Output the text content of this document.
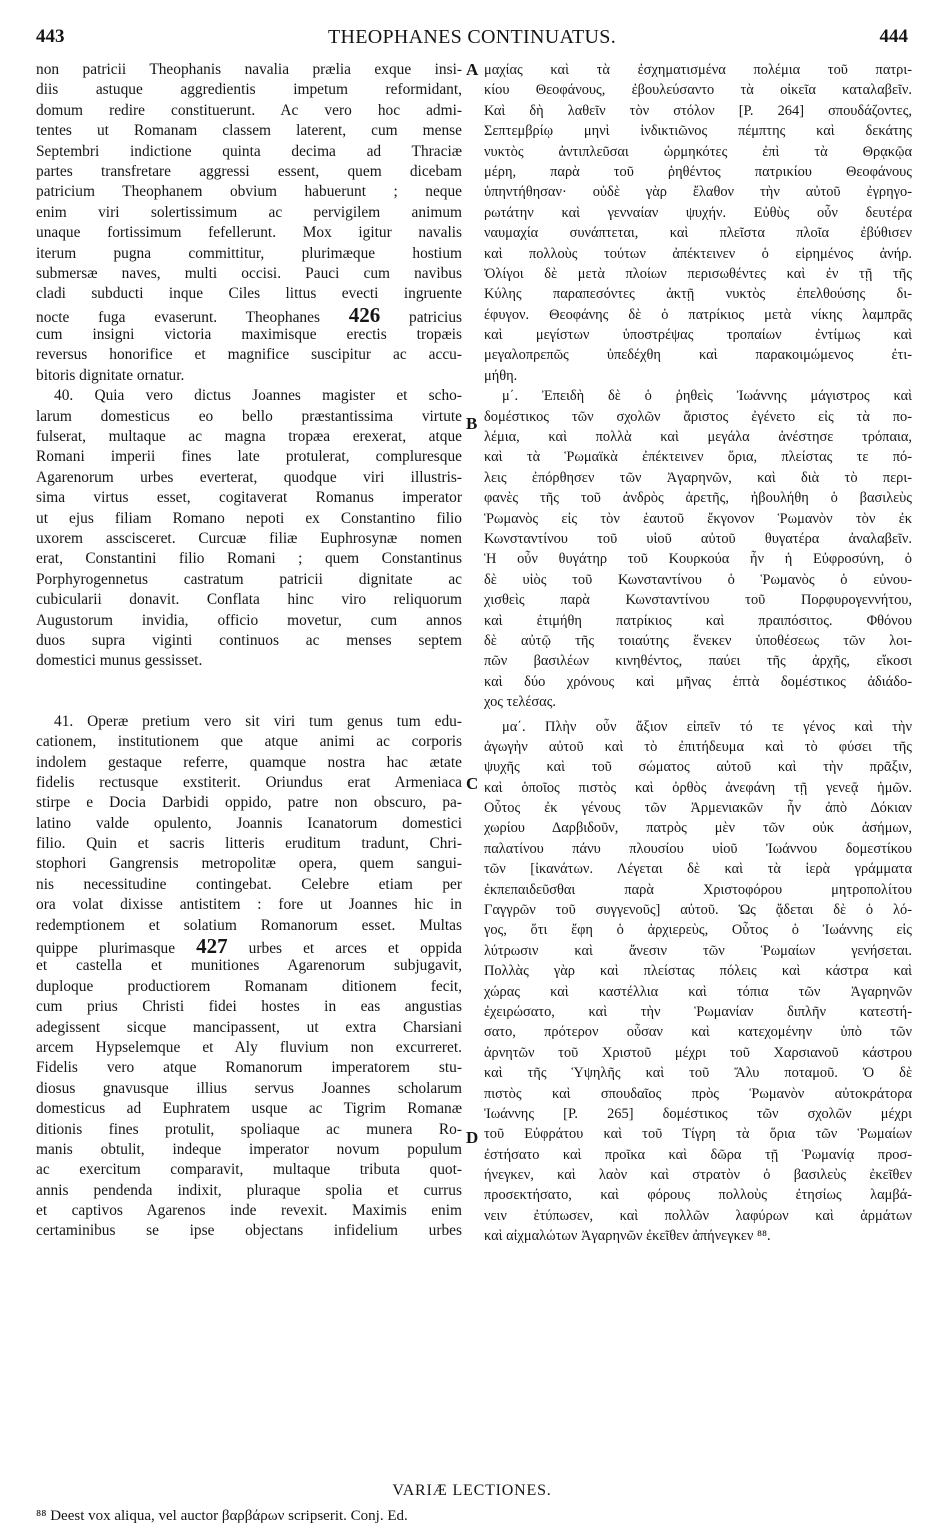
443	THEOPHANES CONTINUATUS.	444
non patricii Theophanis navalia prælia exque insi-
diis astuque aggredientis impetum reformidant,
domum redire constituerunt. Ac vero hoc admi-
tentes ut Romanam classem laterent, cum mense
Septembri indictione quinta decima ad Thraciæ
partes transfretare aggressi essent, quem dicebam
patricium Theophanem obvium habuerunt ; neque
enim viri solertissimum ac pervigilem animum
unaque fortissimum fefellerunt. Mox igitur navalis
iterum pugna committitur, plurimæque hostium
submersæ naves, multi occisi. Pauci cum navibus
cladi subducti inque Ciles littus evecti ingruente
nocte fuga evaserunt. Theophanes 426 patricius
cum insigni victoria maximisque erectis tropæis
reversus honorifice et magnifice suscipitur ac accu-
bitoris dignitate ornatur.
40. Quia vero dictus Joannes magister et scho-
larum domesticus eo bello præstantissima virtute
fulserat, multaque ac magna tropæa erexerat, atque
Romani imperii fines late protulerat, compluresque
Agarenorum urbes everterat, quodque viri illustris-
sima virtus esset, cogitaverat Romanus imperator
ut ejus filiam Romano nepoti ex Constantino filio
uxorem asscisceret. Curcuæ filiæ Euphrosynæ nomen
erat, Constantini filio Romani ; quem Constantinus
Porphyrogennetus castratum patricii dignitate ac
cubicularii donavit. Conflata hinc viro reliquorum
Augustorum invidia, officio movetur, cum annos
duos supra viginti continuos ac menses septem
domestici munus gessisset.
41. Operæ pretium vero sit viri tum genus tum edu-
cationem, institutionem que atque animi ac corporis
indolem gestaque referre, quamque nostra hac ætate
fidelis rectusque exstiterit. Oriundus erat Armeniaca
stirpe e Docia Darbidi oppido, patre non obscuro, pa-
latino valde opulento, Joannis Icanatorum domestici
filio. Quin et sacris litteris eruditum tradunt, Chri-
stophori Gangrensis metropolitæ opera, quem sangui-
nis necessitudine contingebat. Celebre etiam per
ora volat dixisse antistitem : fore ut Joannes hic in
redemptionem et solatium Romanorum esset. Multas
quippe plurimasque 427 urbes et arces et oppida
et castella et munitiones Agarenorum subjugavit,
duploque productiorem Romanam ditionem fecit,
cum prius Christi fidei hostes in eas angustias
adegissent sicque mancipassent, ut extra Charsiani
arcem Hypselemque et Aly fluvium non excurreret.
Fidelis vero atque Romanorum imperatorem stu-
diosus gnavusque illius servus Joannes scholarum
domesticus ad Euphratem usque ac Tigrim Romanæ
ditionis fines protulit, spoliaque ac munera Ro-
manis obtulit, indeque imperator novum populum
ac exercitum comparavit, multaque tributa quot-
annis pendenda indixit, pluraque spolia et currus
et captivos Agarenos inde revexit. Maximis enim
certaminibus se ipse objectans infidelium urbes
μαχίας καὶ τὰ ἐσχηματισμένα πολέμια τοῦ πατρι-
κίου Θεοφάνους, ἐβουλεύσαντο τὰ οἰκεῖα καταλαβεῖν.
Καὶ δὴ λαθεῖν τὸν στόλον [P. 264] σπουδάζοντες,
Σεπτεμβρίῳ μηνὶ ἰνδικτιῶνος πέμπτης καὶ δεκάτης
νυκτὸς ἀντιπλεῦσαι ὡρμηκότες ἐπὶ τὰ Θρᾳκῷα
μέρη, παρὰ τοῦ ῥηθέντος πατρικίου Θεοφάνους
ὑπηντήθησαν· οὐδὲ γὰρ ἔλαθον τὴν αὐτοῦ ἐγρηγο-
ρωτάτην καὶ γενναίαν ψυχήν. Εὐθὺς οὖν δευτέρα
ναυμαχία συνάπτεται, καὶ πλεῖστα πλοῖα ἐβύθισεν
καὶ πολλοὺς τούτων ἀπέκτεινεν ὁ εἰρημένος ἀνήρ.
Ὀλίγοι δὲ μετὰ πλοίων περισωθέντες καὶ ἐν τῇ τῆς
Κύλης παραπεσόντες ἀκτῇ νυκτὸς ἐπελθούσης δι-
έφυγον. Θεοφάνης δὲ ὁ πατρίκιος μετὰ νίκης λαμπρᾶς
καὶ μεγίστων ὑποστρέψας τροπαίων ἐντίμως καὶ
μεγαλοπρεπῶς ὑπεδέχθη καὶ παρακοιμώμενος ἐτι-
μήθη.
μ΄. Ἐπειδὴ δὲ ὁ ῥηθεὶς Ἰωάννης μάγιστρος καὶ
δομέστικος τῶν σχολῶν ἄριστος ἐγένετο εἰς τὰ πο-
λέμια, καὶ πολλὰ καὶ μεγάλα ἀνέστησε τρόπαια,
καὶ τὰ Ῥωμαϊκὰ ἐπέκτεινεν ὅρια, πλείστας τε πό-
λεις ἐπόρθησεν τῶν Ἀγαρηνῶν, καὶ διὰ τὸ περι-
φανὲς τῆς τοῦ ἀνδρὸς ἀρετῆς, ἠβουλήθη ὁ βασιλεὺς
Ῥωμανὸς εἰς τὸν ἑαυτοῦ ἔκγονον Ῥωμανὸν τὸν ἐκ
Κωνσταντίνου τοῦ υἱοῦ αὐτοῦ θυγατέρα ἀναλαβεῖν.
Ἡ οὖν θυγάτηρ τοῦ Κουρκούα ἦν ἡ Εὐφροσύνη, ὁ
δὲ υἱὸς τοῦ Κωνσταντίνου ὁ Ῥωμανὸς ὁ εὐνου-
χισθεὶς παρὰ Κωνσταντίνου τοῦ Πορφυρογεννήτου,
καὶ ἐτιμήθη πατρίκιος καὶ πραιπόσιτος. Φθόνου
δὲ αὐτῷ τῆς τοιαύτης ἕνεκεν ὑποθέσεως τῶν λοι-
πῶν βασιλέων κινηθέντος, παύει τῆς ἀρχῆς, εἴκοσι
καὶ δύο χρόνους καὶ μῆνας ἑπτὰ δομέστικος ἀδιάδο-
χος τελέσας.
μα΄. Πλὴν οὖν ἄξιον εἰπεῖν τό τε γένος καὶ τὴν
ἀγωγὴν αὐτοῦ καὶ τὸ ἐπιτήδευμα καὶ τὸ φύσει τῆς
ψυχῆς καὶ τοῦ σώματος αὐτοῦ καὶ τὴν πρᾶξιν,
καὶ ὁποῖος πιστὸς καὶ ὀρθὸς ἀνεφάνη τῇ γενεᾷ ἡμῶν.
Οὗτος ἐκ γένους τῶν Ἀρμενιακῶν ἦν ἀπὸ Δόκιαν
χωρίου Δαρβιδοῦν, πατρὸς μὲν τῶν οὐκ ἀσήμων,
παλατίνου πάνυ πλουσίου υἱοῦ Ἰωάννου δομεστίκου
τῶν [ἰκανάτων. Λέγεται δὲ καὶ τὰ ἱερὰ γράμματα
ἐκπεπαιδεῦσθαι παρὰ Χριστοφόρου μητροπολίτου
Γαγγρῶν τοῦ συγγενοῦς] αὐτοῦ. Ὡς ᾄδεται δὲ ὁ λό-
γος, ὅτι ἔφη ὁ ἀρχιερεὺς, Οὗτος ὁ Ἰωάννης εἰς
λύτρωσιν καὶ ἄνεσιν τῶν Ῥωμαίων γενήσεται.
Πολλὰς γὰρ καὶ πλείστας πόλεις καὶ κάστρα καὶ
χώρας καὶ καστέλλια καὶ τόπια τῶν Ἀγαρηνῶν
ἐχειρώσατο, καὶ τὴν Ῥωμανίαν διπλῆν κατεστή-
σατο, πρότερον οὖσαν καὶ κατεχομένην ὑπὸ τῶν
ἀρνητῶν τοῦ Χριστοῦ μέχρι τοῦ Χαρσιανοῦ κάστρου
καὶ τῆς Ὑψηλῆς καὶ τοῦ Ἄλυ ποταμοῦ. Ὁ δὲ
πιστὸς καὶ σπουδαῖος πρὸς Ῥωμανὸν αὐτοκράτορα
Ἰωάννης [P. 265] δομέστικος τῶν σχολῶν μέχρι
τοῦ Εὐφράτου καὶ τοῦ Τίγρη τὰ ὅρια τῶν Ῥωμαίων
ἐστήσατο καὶ προῖκα καὶ δῶρα τῇ Ῥωμανίᾳ προσ-
ήνεγκεν, καὶ λαὸν καὶ στρατὸν ὁ βασιλεὺς ἐκεῖθεν
προσεκτήσατο, καὶ φόρους πολλοὺς ἐτησίως λαμβά-
νειν ἐτύπωσεν, καὶ πολλῶν λαφύρων καὶ ἁρμάτων
καὶ αἰχμαλώτων Ἀγαρηνῶν ἐκεῖθεν ἀπήνεγκεν ⁸⁸.
A
B
C
D
VARIÆ LECTIONES.
⁸⁸ Deest vox aliqua, vel auctor βαρβάρων scripserit. Conj. Ed.
